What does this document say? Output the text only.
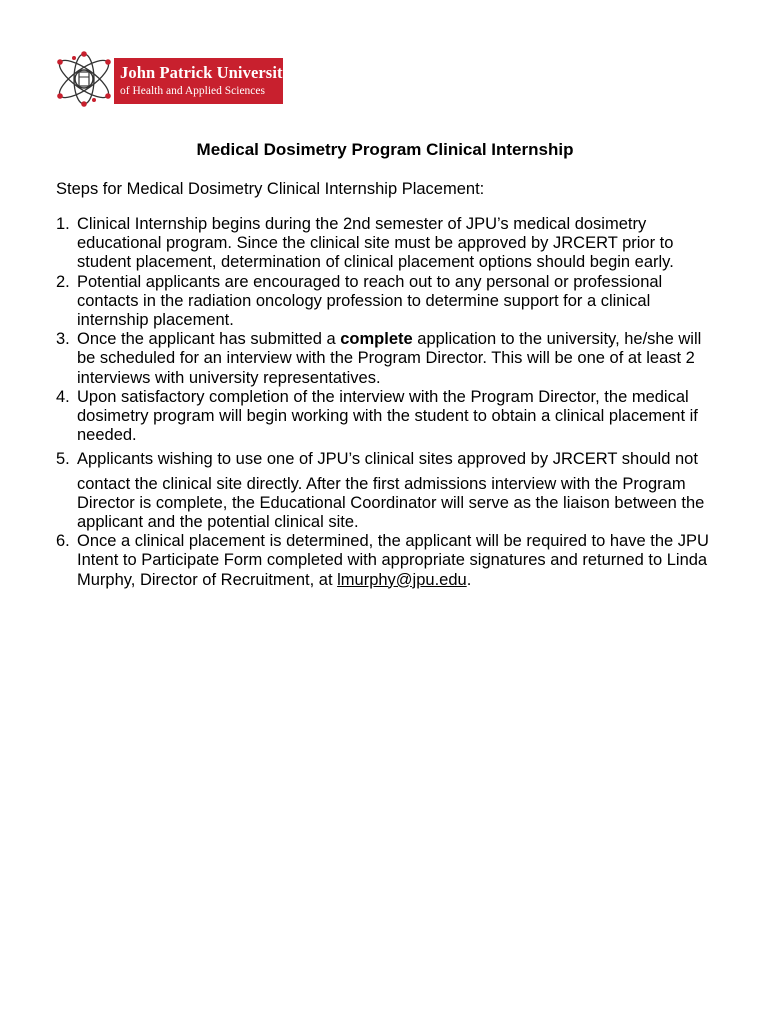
John Patrick University
of Health and Applied Sciences
Medical Dosimetry Program Clinical Internship
Steps for Medical Dosimetry Clinical Internship Placement:
1. Clinical Internship begins during the 2nd semester of JPU’s medical dosimetry educational program. Since the clinical site must be approved by JRCERT prior to student placement, determination of clinical placement options should begin early.
2. Potential applicants are encouraged to reach out to any personal or professional contacts in the radiation oncology profession to determine support for a clinical internship placement.
3. Once the applicant has submitted a complete application to the university, he/she will be scheduled for an interview with the Program Director. This will be one of at least 2 interviews with university representatives.
4. Upon satisfactory completion of the interview with the Program Director, the medical dosimetry program will begin working with the student to obtain a clinical placement if needed.
5. Applicants wishing to use one of JPU’s clinical sites approved by JRCERT should not
contact the clinical site directly. After the first admissions interview with the Program Director is complete, the Educational Coordinator will serve as the liaison between the applicant and the potential clinical site.
6. Once a clinical placement is determined, the applicant will be required to have the JPU Intent to Participate Form completed with appropriate signatures and returned to Linda Murphy, Director of Recruitment, at lmurphy@jpu.edu.
